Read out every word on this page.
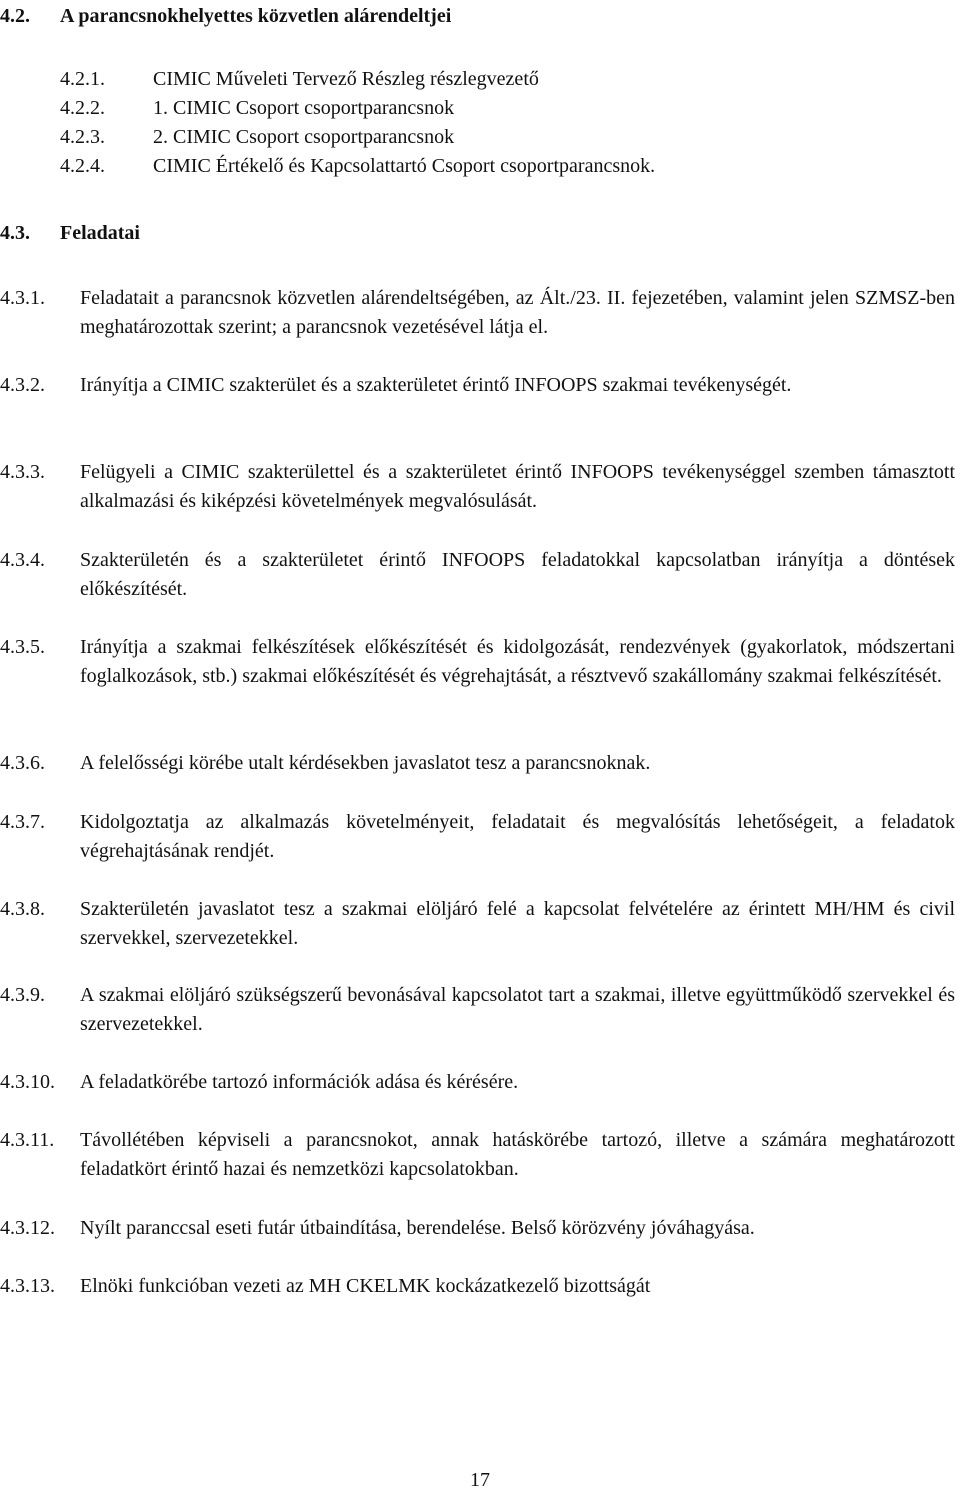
4.2. A parancsnokhelyettes közvetlen alárendeltjei
4.2.1. CIMIC Műveleti Tervező Részleg részlegvezető
4.2.2. 1. CIMIC Csoport csoportparancsnok
4.2.3. 2. CIMIC Csoport csoportparancsnok
4.2.4. CIMIC Értékelő és Kapcsolattartó Csoport csoportparancsnok.
4.3. Feladatai
4.3.1. Feladatait a parancsnok közvetlen alárendeltségében, az Ált./23. II. fejezetében, valamint jelen SZMSZ-ben meghatározottak szerint; a parancsnok vezetésével látja el.
4.3.2. Irányítja a CIMIC szakterület és a szakterületet érintő INFOOPS szakmai tevékenységét.
4.3.3. Felügyeli a CIMIC szakterülettel és a szakterületet érintő INFOOPS tevékenységgel szemben támasztott alkalmazási és kiképzési követelmények megvalósulását.
4.3.4. Szakterületén és a szakterületet érintő INFOOPS feladatokkal kapcsolatban irányítja a döntések előkészítését.
4.3.5. Irányítja a szakmai felkészítések előkészítését és kidolgozását, rendezvények (gyakorlatok, módszertani foglalkozások, stb.) szakmai előkészítését és végrehajtását, a résztvevő szakállomány szakmai felkészítését.
4.3.6. A felelősségi körébe utalt kérdésekben javaslatot tesz a parancsnoknak.
4.3.7. Kidolgoztatja az alkalmazás követelményeit, feladatait és megvalósítás lehetőségeit, a feladatok végrehajtásának rendjét.
4.3.8. Szakterületén javaslatot tesz a szakmai elöljáró felé a kapcsolat felvételére az érintett MH/HM és civil szervekkel, szervezetekkel.
4.3.9. A szakmai elöljáró szükségszerű bevonásával kapcsolatot tart a szakmai, illetve együttműködő szervekkel és szervezetekkel.
4.3.10. A feladatkörébe tartozó információk adása és kérésére.
4.3.11. Távollétében képviseli a parancsnokot, annak hatáskörébe tartozó, illetve a számára meghatározott feladatkört érintő hazai és nemzetközi kapcsolatokban.
4.3.12. Nyílt paranccsal eseti futár útbaindítása, berendelése. Belső körözvény jóváhagyása.
4.3.13. Elnöki funkcióban vezeti az MH CKELMK kockázatkezelő bizottságát
17
